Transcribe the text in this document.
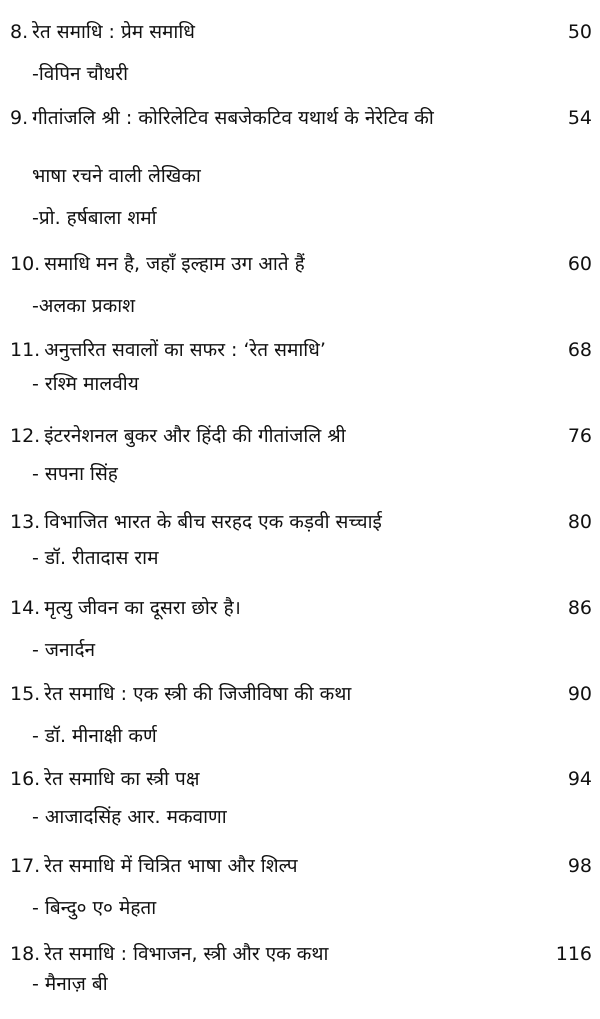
8. रेत समाधि : प्रेम समाधि	50
-विपिन चौधरी
9. गीतांजलि श्री : कोरिलेटिव सबजेकटिव यथार्थ के नेरेटिव की	54
भाषा रचने वाली लेखिका
-प्रो. हर्षबाला शर्मा
10. समाधि मन है, जहाँ इल्हाम उग आते हैं	60
-अलका प्रकाश
11. अनुत्तरित सवालों का सफर : ‘रेत समाधि’	68
- रश्मि मालवीय
12. इंटरनेशनल बुकर और हिंदी की गीतांजलि श्री	76
- सपना सिंह
13. विभाजित भारत के बीच सरहद एक कड़वी सच्चाई	80
- डॉ. रीतादास राम
14. मृत्यु जीवन का दूसरा छोर है।	86
- जनार्दन
15. रेत समाधि : एक स्त्री की जिजीविषा की कथा	90
- डॉ. मीनाक्षी कर्ण
16. रेत समाधि का स्त्री पक्ष	94
- आजादसिंह आर. मकवाणा
17. रेत समाधि में चित्रित भाषा और शिल्प	98
- बिन्दु० ए० मेहता
18. रेत समाधि : विभाजन, स्त्री और एक कथा	116
- मैनाज़ बी
